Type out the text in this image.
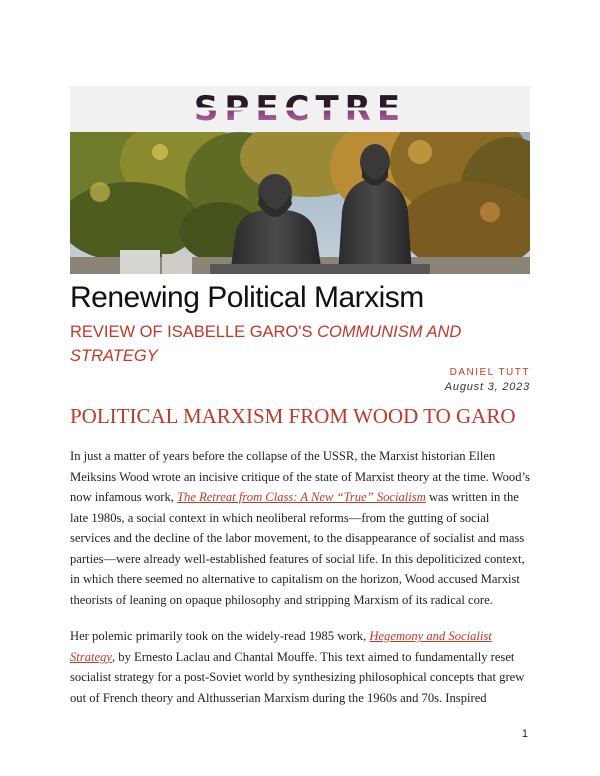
SPECTRE
Renewing Political Marxism
REVIEW OF ISABELLE GARO'S COMMUNISM AND
STRATEGY
DANIEL TUTT
August 3, 2023
POLITICAL MARXISM FROM WOOD TO GARO

In just a matter of years before the collapse of the USSR, the Marxist historian Ellen Meiksins Wood wrote an incisive critique of the state of Marxist theory at the time. Wood’s now infamous work, The Retreat from Class: A New “True” Socialism was written in the late 1980s, a social context in which neoliberal reforms—from the gutting of social services and the decline of the labor movement, to the disappearance of socialist and mass parties—were already well-established features of social life. In this depoliticized context, in which there seemed no alternative to capitalism on the horizon, Wood accused Marxist theorists of leaning on opaque philosophy and stripping Marxism of its radical core.

Her polemic primarily took on the widely-read 1985 work, Hegemony and Socialist Strategy, by Ernesto Laclau and Chantal Mouffe. This text aimed to fundamentally reset socialist strategy for a post-Soviet world by synthesizing philosophical concepts that grew out of French theory and Althusserian Marxism during the 1960s and 70s. Inspired

1
